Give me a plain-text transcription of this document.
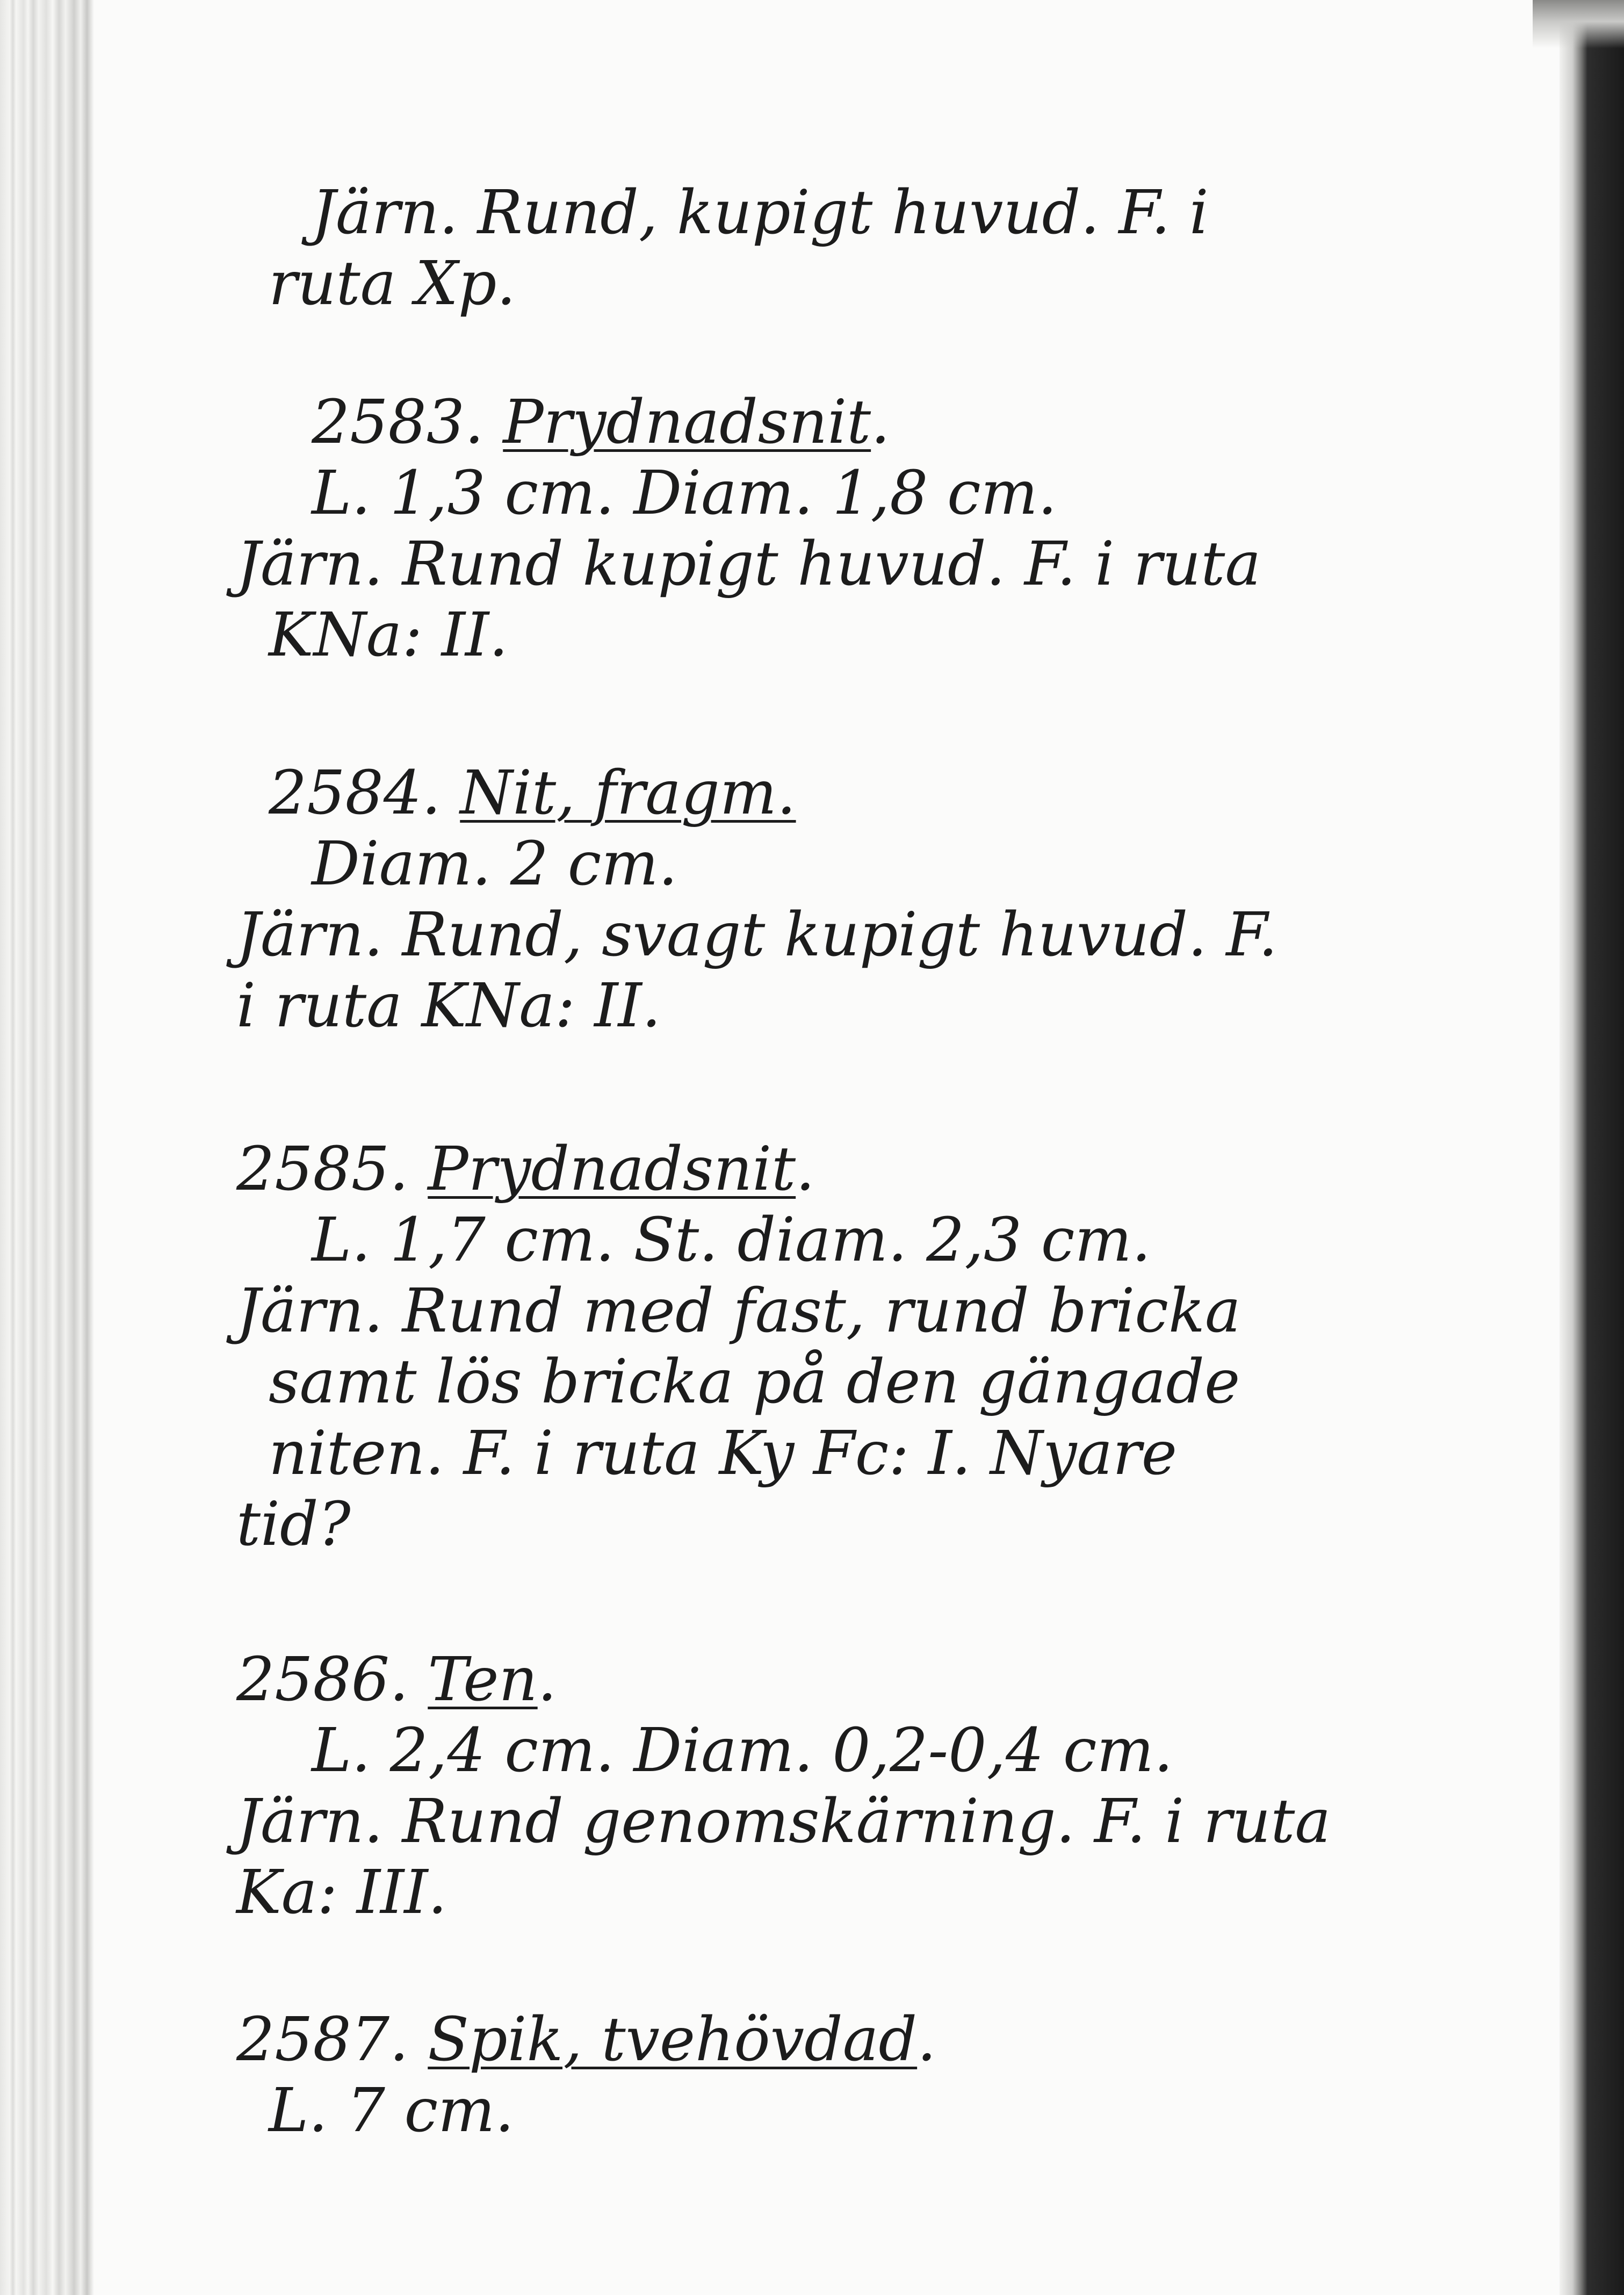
Järn. Rund, kupigt huvud. F. i
ruta Xp.
2583. Prydnadsnit.
L. 1,3 cm. Diam. 1,8 cm.
Järn. Rund kupigt huvud. F. i ruta
KNa: II.
2584. Nit, fragm.
Diam. 2 cm.
Järn. Rund, svagt kupigt huvud. F.
i ruta KNa: II.
2585. Prydnadsnit.
L. 1,7 cm. St. diam. 2,3 cm.
Järn. Rund med fast, rund bricka
samt lös bricka på den gängade
niten. F. i ruta Ky Fc: I. Nyare
tid?
2586. Ten.
L. 2,4 cm. Diam. 0,2-0,4 cm.
Järn. Rund genomskärning. F. i ruta
Ka: III.
2587. Spik, tvehövdad.
L. 7 cm.
